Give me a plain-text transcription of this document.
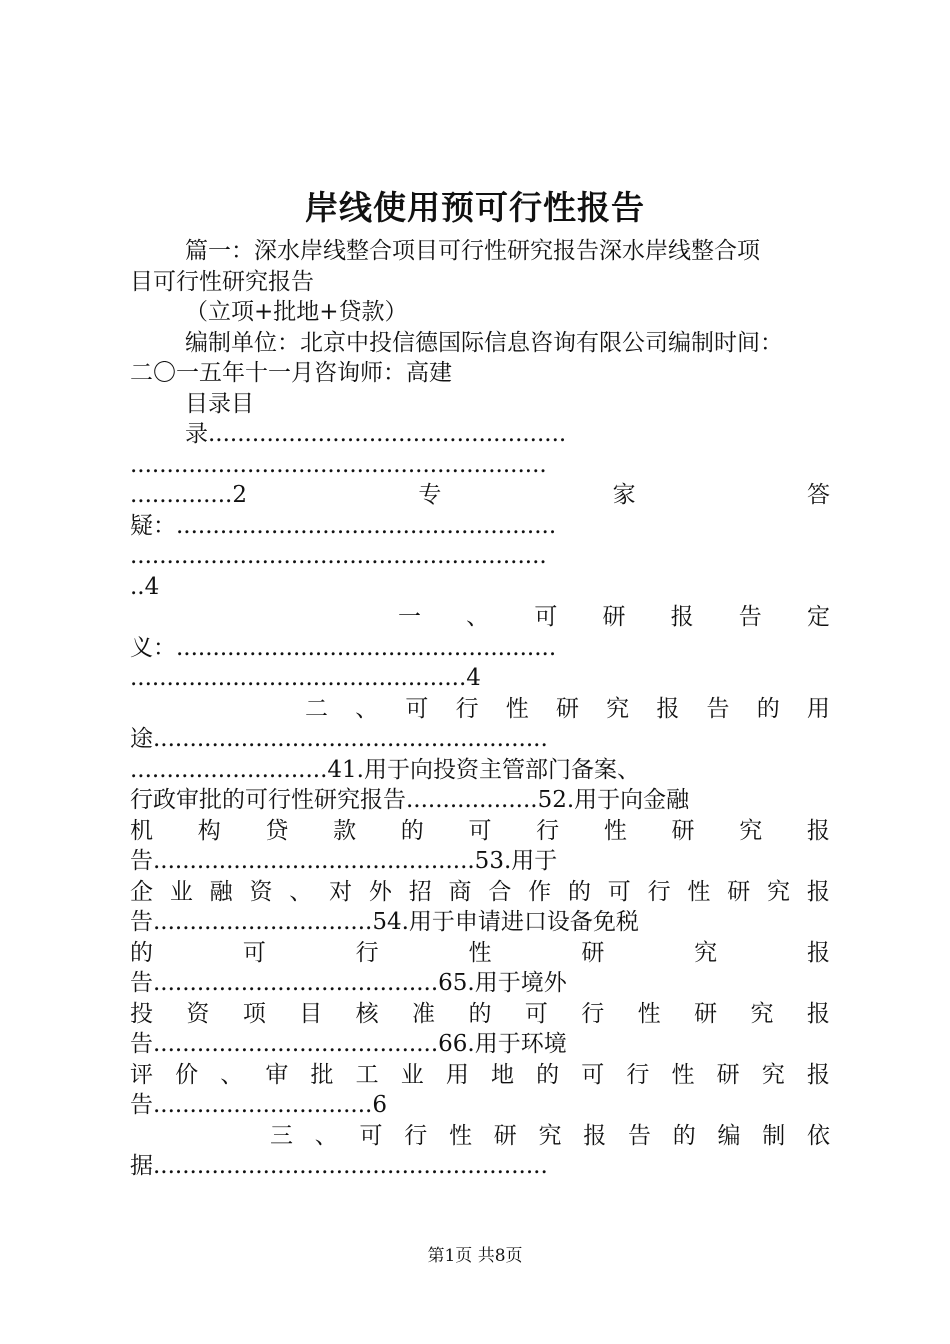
岸线使用预可行性报告
篇一：深水岸线整合项目可行性研究报告深水岸线整合项
目可行性研究报告
（立项+批地+贷款）
编制单位：北京中投信德国际信息咨询有限公司编制时间：
二〇一五年十一月咨询师：高建
目录目
录.................................................
.........................................................
..............2	专	家	答
疑：....................................................
.........................................................
..4
一 、 可 研 报 告 定
义：....................................................
..............................................4
二 、 可 行 性 研 究 报 告 的 用
途......................................................
...........................41.用于向投资主管部门备案、
行政审批的可行性研究报告..................52.用于向金融
机 构 贷 款 的 可 行 性 研 究 报
告............................................53.用于
企 业 融 资 、 对 外 招 商 合 作 的 可 行 性 研 究 报
告..............................54.用于申请进口设备免税
的	可	行	性	研	究	报
告.......................................65.用于境外
投 资 项 目 核 准 的 可 行 性 研 究 报
告.......................................66.用于环境
评 价 、 审 批 工 业 用 地 的 可 行 性 研 究 报
告..............................6
三 、 可 行 性 研 究 报 告 的 编 制 依
据......................................................
第1页 共8页
